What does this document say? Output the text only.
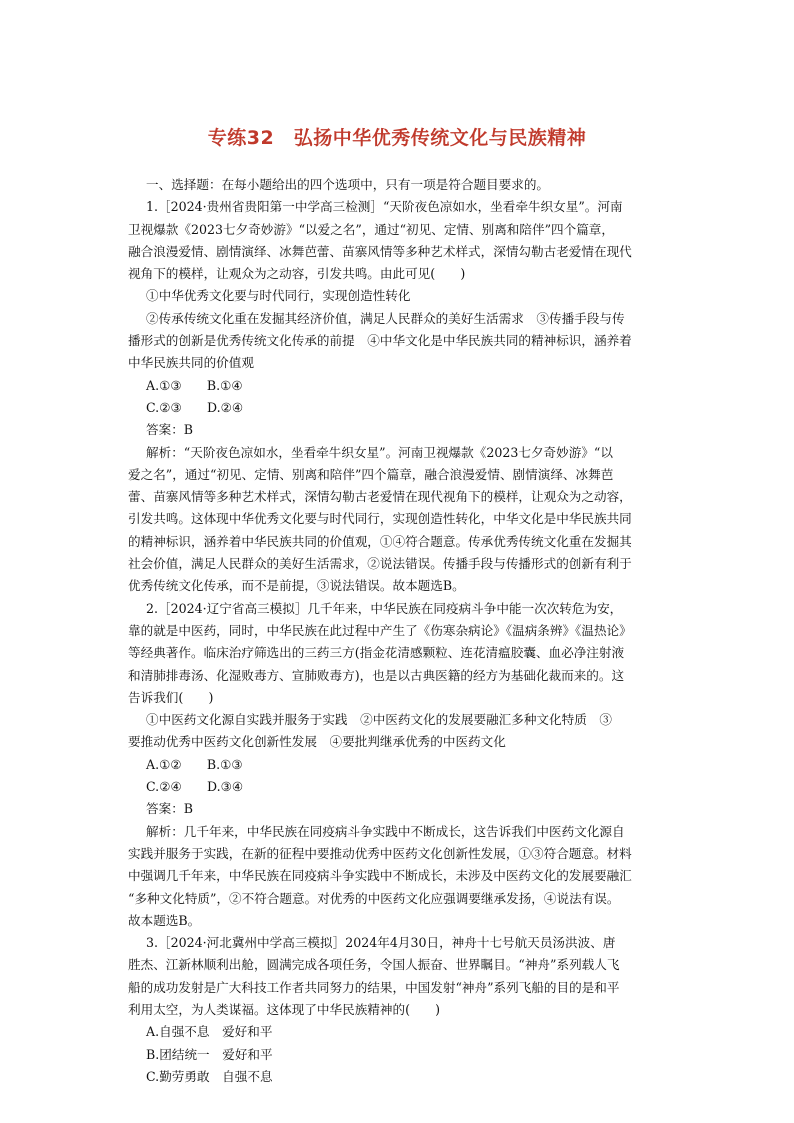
专练32　弘扬中华优秀传统文化与民族精神

一、选择题：在每小题给出的四个选项中，只有一项是符合题目要求的。

1.［2024·贵州省贵阳第一中学高三检测］“天阶夜色凉如水，坐看牵牛织女星”。河南

卫视爆款《2023七夕奇妙游》“以爱之名”，通过“初见、定情、别离和陪伴”四个篇章，

融合浪漫爱情、剧情演绎、冰舞芭蕾、苗寨风情等多种艺术样式，深情勾勒古老爱情在现代

视角下的模样，让观众为之动容，引发共鸣。由此可见(　　)

①中华优秀文化要与时代同行，实现创造性转化

②传承传统文化重在发掘其经济价值，满足人民群众的美好生活需求　③传播手段与传

播形式的创新是优秀传统文化传承的前提　④中华文化是中华民族共同的精神标识，涵养着

中华民族共同的价值观

A.①③　　B.①④

C.②③　　D.②④

答案：B

解析：“天阶夜色凉如水，坐看牵牛织女星”。河南卫视爆款《2023七夕奇妙游》“以

爱之名”，通过“初见、定情、别离和陪伴”四个篇章，融合浪漫爱情、剧情演绎、冰舞芭

蕾、苗寨风情等多种艺术样式，深情勾勒古老爱情在现代视角下的模样，让观众为之动容，

引发共鸣。这体现中华优秀文化要与时代同行，实现创造性转化，中华文化是中华民族共同

的精神标识，涵养着中华民族共同的价值观，①④符合题意。传承优秀传统文化重在发掘其

社会价值，满足人民群众的美好生活需求，②说法错误。传播手段与传播形式的创新有利于

优秀传统文化传承，而不是前提，③说法错误。故本题选B。

2.［2024·辽宁省高三模拟］几千年来，中华民族在同疫病斗争中能一次次转危为安，

靠的就是中医药，同时，中华民族在此过程中产生了《伤寒杂病论》《温病条辨》《温热论》

等经典著作。临床治疗筛选出的三药三方(指金花清感颗粒、连花清瘟胶囊、血必净注射液

和清肺排毒汤、化湿败毒方、宣肺败毒方)，也是以古典医籍的经方为基础化裁而来的。这

告诉我们(　　)

①中医药文化源自实践并服务于实践　②中医药文化的发展要融汇多种文化特质　③

要推动优秀中医药文化创新性发展　④要批判继承优秀的中医药文化

A.①②　　B.①③

C.②④　　D.③④

答案：B

解析：几千年来，中华民族在同疫病斗争实践中不断成长，这告诉我们中医药文化源自

实践并服务于实践，在新的征程中要推动优秀中医药文化创新性发展，①③符合题意。材料

中强调几千年来，中华民族在同疫病斗争实践中不断成长，未涉及中医药文化的发展要融汇

“多种文化特质”，②不符合题意。对优秀的中医药文化应强调要继承发扬，④说法有误。

故本题选B。

3.［2024·河北冀州中学高三模拟］2024年4月30日，神舟十七号航天员汤洪波、唐

胜杰、江新林顺利出舱，圆满完成各项任务，令国人振奋、世界瞩目。“神舟”系列载人飞

船的成功发射是广大科技工作者共同努力的结果，中国发射“神舟”系列飞船的目的是和平

利用太空，为人类谋福。这体现了中华民族精神的(　　)

A.自强不息　爱好和平

B.团结统一　爱好和平

C.勤劳勇敢　自强不息
